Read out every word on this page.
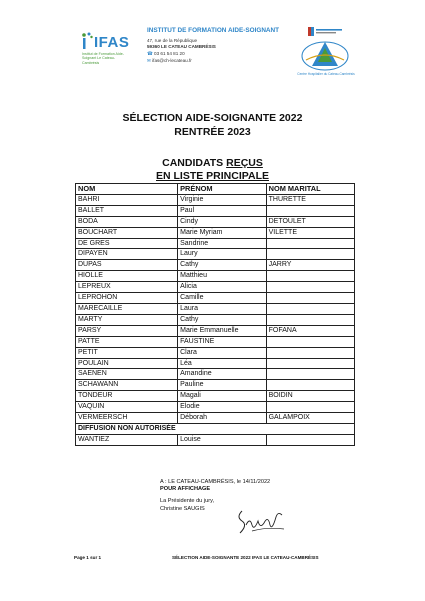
IFAS
Institut de Formation Aide-Soignant Le Cateau-Cambrésis
INSTITUT DE FORMATION AIDE-SOIGNANT
47, rue de la République
59360 LE CATEAU CAMBRÉSIS
☎ 03 61 54 81 20
✉ ifas@ch-lecateau.fr
Centre Hospitalier du Cateau-Cambrésis
SÉLECTION AIDE-SOIGNANTE 2022
RENTRÉE 2023
CANDIDATS REÇUS
EN LISTE PRINCIPALE
NOM	PRÉNOM	NOM MARITAL
BAHRI	Virginie	THURETTE
BALLET	Paul	
BODA	Cindy	DETOULET
BOUCHART	Marie Myriam	VILETTE
DE GRES	Sandrine	
DIPAYEN	Laury	
DUPAS	Cathy	JARRY
HIOLLE	Matthieu	
LEPREUX	Alicia	
LEPROHON	Camille	
MARECAILLE	Laura	
MARTY	Cathy	
PARSY	Marie Emmanuelle	FOFANA
PATTE	FAUSTINE	
PETIT	Clara	
POULAIN	Léa	
SAENEN	Amandine	
SCHAWANN	Pauline	
TONDEUR	Magali	BOIDIN
VAQUIN	Elodie	
VERMEERSCH	Déborah	GALAMPOIX
DIFFUSION NON AUTORISÉE		
WANTIEZ	Louise	
A : LE CATEAU-CAMBRÉSIS, le 14/11/2022
POUR AFFICHAGE
La Présidente du jury,
Christine SAUGIS
Page 1 sur 1	SÉLECTION AIDE-SOIGNANTE 2022 IFAS LE CATEAU-CAMBRÉSIS
